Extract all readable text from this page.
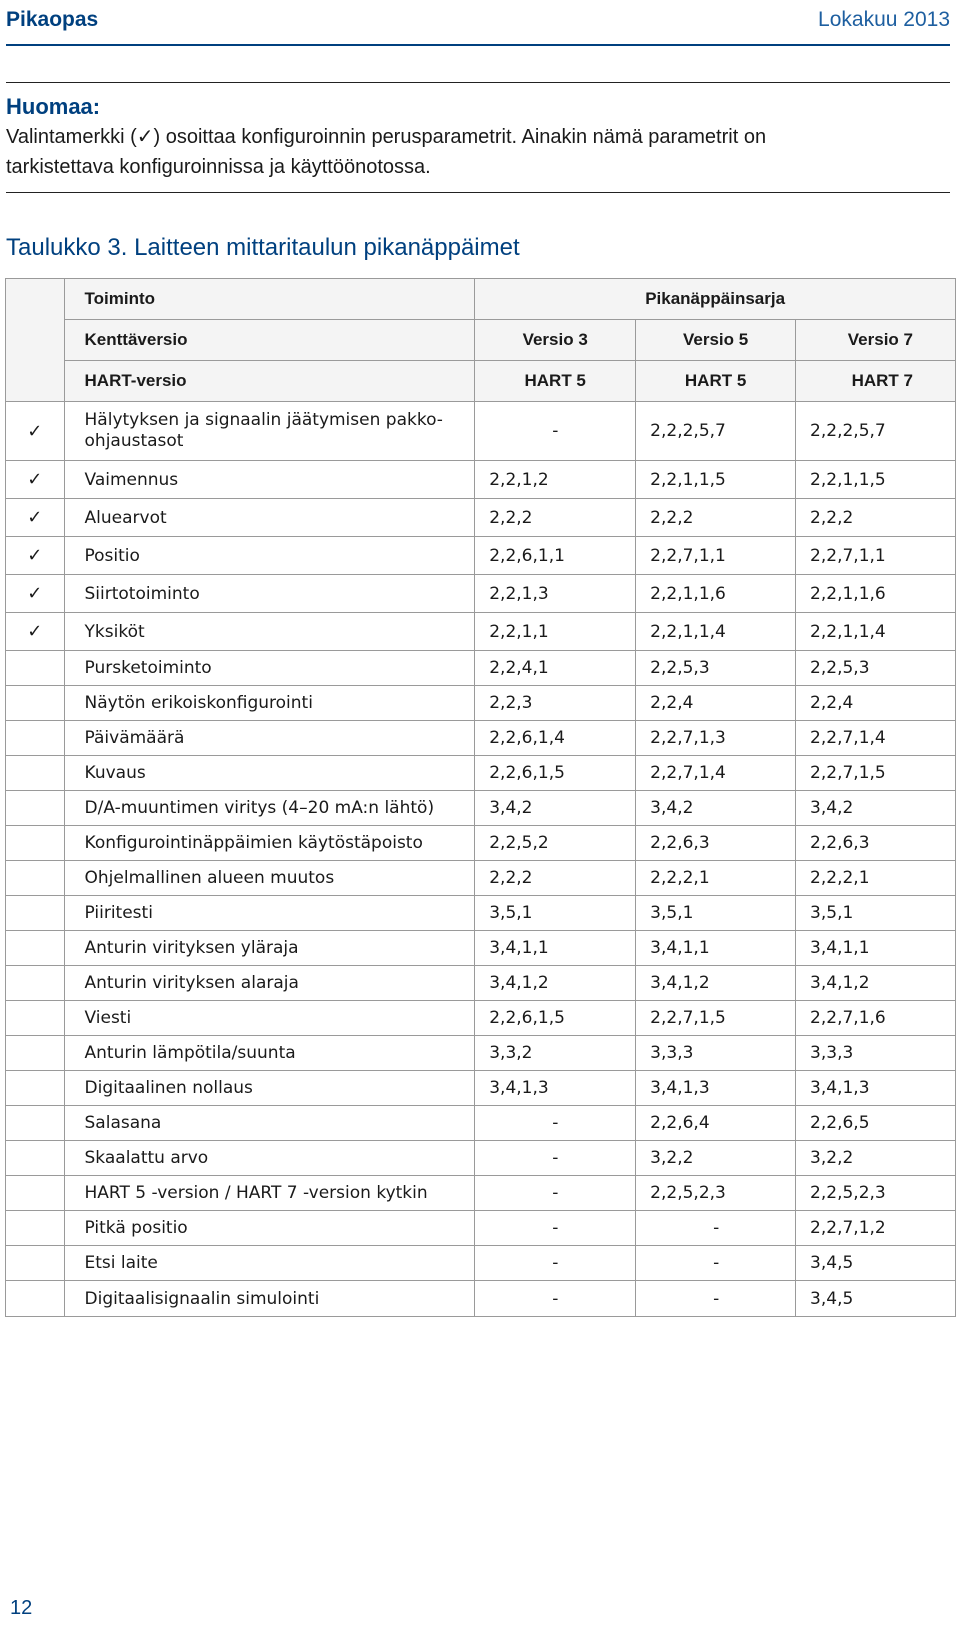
Pikaopas	Lokakuu 2013
Huomaa:
Valintamerkki (✓) osoittaa konfiguroinnin perusparametrit. Ainakin nämä parametrit on
tarkistettava konfiguroinnissa ja käyttöönotossa.
Taulukko 3. Laitteen mittaritaulun pikanäppäimet
	Toiminto	Pikanäppäinsarja		
	Kenttäversio	Versio 3	Versio 5	Versio 7
	HART-versio	HART 5	HART 5	HART 7
✓	Hälytyksen ja signaalin jäätymisen pakko-ohjaustasot	-	2,2,2,5,7	2,2,2,5,7
✓	Vaimennus	2,2,1,2	2,2,1,1,5	2,2,1,1,5
✓	Aluearvot	2,2,2	2,2,2	2,2,2
✓	Positio	2,2,6,1,1	2,2,7,1,1	2,2,7,1,1
✓	Siirtotoiminto	2,2,1,3	2,2,1,1,6	2,2,1,1,6
✓	Yksiköt	2,2,1,1	2,2,1,1,4	2,2,1,1,4
	Pursketoiminto	2,2,4,1	2,2,5,3	2,2,5,3
	Näytön erikoiskonfigurointi	2,2,3	2,2,4	2,2,4
	Päivämäärä	2,2,6,1,4	2,2,7,1,3	2,2,7,1,4
	Kuvaus	2,2,6,1,5	2,2,7,1,4	2,2,7,1,5
	D/A-muuntimen viritys (4–20 mA:n lähtö)	3,4,2	3,4,2	3,4,2
	Konfigurointinäppäimien käytöstäpoisto	2,2,5,2	2,2,6,3	2,2,6,3
	Ohjelmallinen alueen muutos	2,2,2	2,2,2,1	2,2,2,1
	Piiritesti	3,5,1	3,5,1	3,5,1
	Anturin virityksen yläraja	3,4,1,1	3,4,1,1	3,4,1,1
	Anturin virityksen alaraja	3,4,1,2	3,4,1,2	3,4,1,2
	Viesti	2,2,6,1,5	2,2,7,1,5	2,2,7,1,6
	Anturin lämpötila/suunta	3,3,2	3,3,3	3,3,3
	Digitaalinen nollaus	3,4,1,3	3,4,1,3	3,4,1,3
	Salasana	-	2,2,6,4	2,2,6,5
	Skaalattu arvo	-	3,2,2	3,2,2
	HART 5 -version / HART 7 -version kytkin	-	2,2,5,2,3	2,2,5,2,3
	Pitkä positio	-	-	2,2,7,1,2
	Etsi laite	-	-	3,4,5
	Digitaalisignaalin simulointi	-	-	3,4,5
12
